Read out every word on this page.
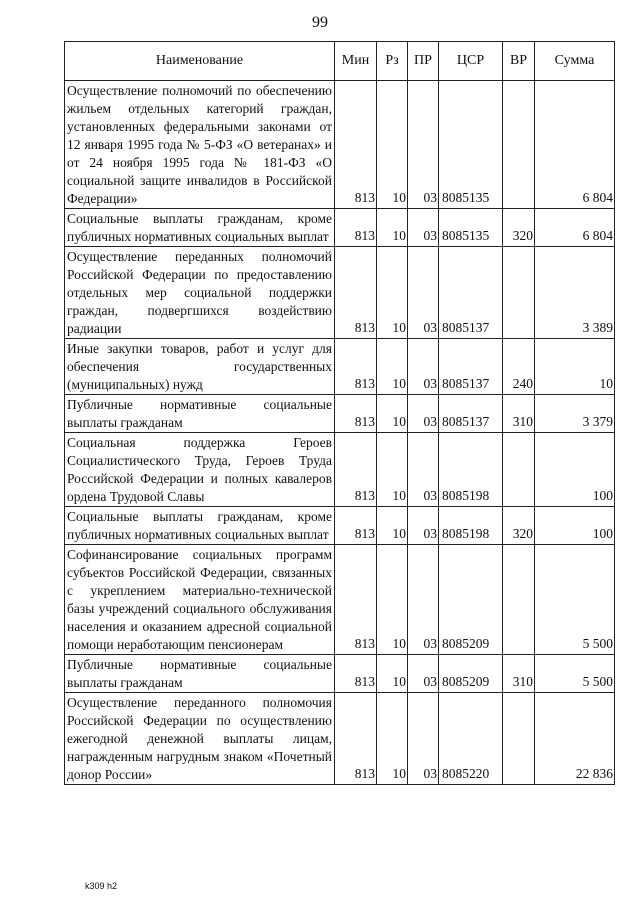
99
Наименование	Мин	Рз	ПР	ЦСР	ВР	Сумма
Осуществление полномочий по обеспечению жильем отдельных категорий граждан, установленных федеральными законами от 12 января 1995 года № 5-ФЗ «О ветеранах» и от 24 ноября 1995 года № 181-ФЗ «О социальной защите инвалидов в Российской Федерации»	813	10	03	8085135		6 804
Социальные выплаты гражданам, кроме публичных нормативных социальных выплат	813	10	03	8085135	320	6 804
Осуществление переданных полномочий Российской Федерации по предоставлению отдельных мер социальной поддержки граждан, подвергшихся воздействию радиации	813	10	03	8085137		3 389
Иные закупки товаров, работ и услуг для обеспечения государственных (муниципальных) нужд	813	10	03	8085137	240	10
Публичные нормативные социальные выплаты гражданам	813	10	03	8085137	310	3 379
Социальная поддержка Героев Социалистического Труда, Героев Труда Российской Федерации и полных кавалеров ордена Трудовой Славы	813	10	03	8085198		100
Социальные выплаты гражданам, кроме публичных нормативных социальных выплат	813	10	03	8085198	320	100
Софинансирование социальных программ субъектов Российской Федерации, связанных с укреплением материально-технической базы учреждений социального обслуживания населения и оказанием адресной социальной помощи неработающим пенсионерам	813	10	03	8085209		5 500
Публичные нормативные социальные выплаты гражданам	813	10	03	8085209	310	5 500
Осуществление переданного полномочия Российской Федерации по осуществлению ежегодной денежной выплаты лицам, награжденным нагрудным знаком «Почетный донор России»	813	10	03	8085220		22 836
k309 h2
